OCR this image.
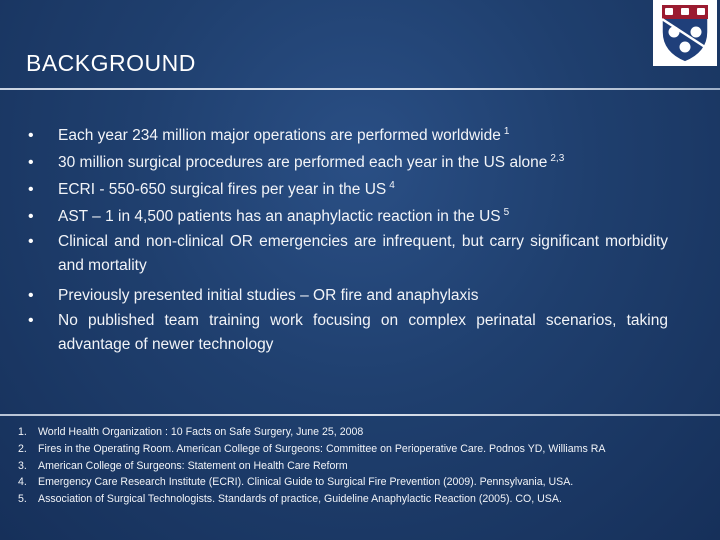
BACKGROUND
• Each year 234 million major operations are performed worldwide $^1$
• 30 million surgical procedures are performed each year in the US alone $^{2,3}$
• ECRI - 550-650 surgical fires per year in the US $^4$
• AST – 1 in 4,500 patients has an anaphylactic reaction in the US $^5$
• Clinical and non-clinical OR emergencies are infrequent, but carry significant morbidity and mortality
• Previously presented initial studies – OR fire and anaphylaxis
• No published team training work focusing on complex perinatal scenarios, taking advantage of newer technology
1. World Health Organization : 10 Facts on Safe Surgery, June 25, 2008
2. Fires in the Operating Room. American College of Surgeons: Committee on Perioperative Care. Podnos YD, Williams RA
3. American College of Surgeons: Statement on Health Care Reform
4. Emergency Care Research Institute (ECRI). Clinical Guide to Surgical Fire Prevention (2009). Pennsylvania, USA.
5. Association of Surgical Technologists. Standards of practice, Guideline Anaphylactic Reaction (2005). CO, USA.
